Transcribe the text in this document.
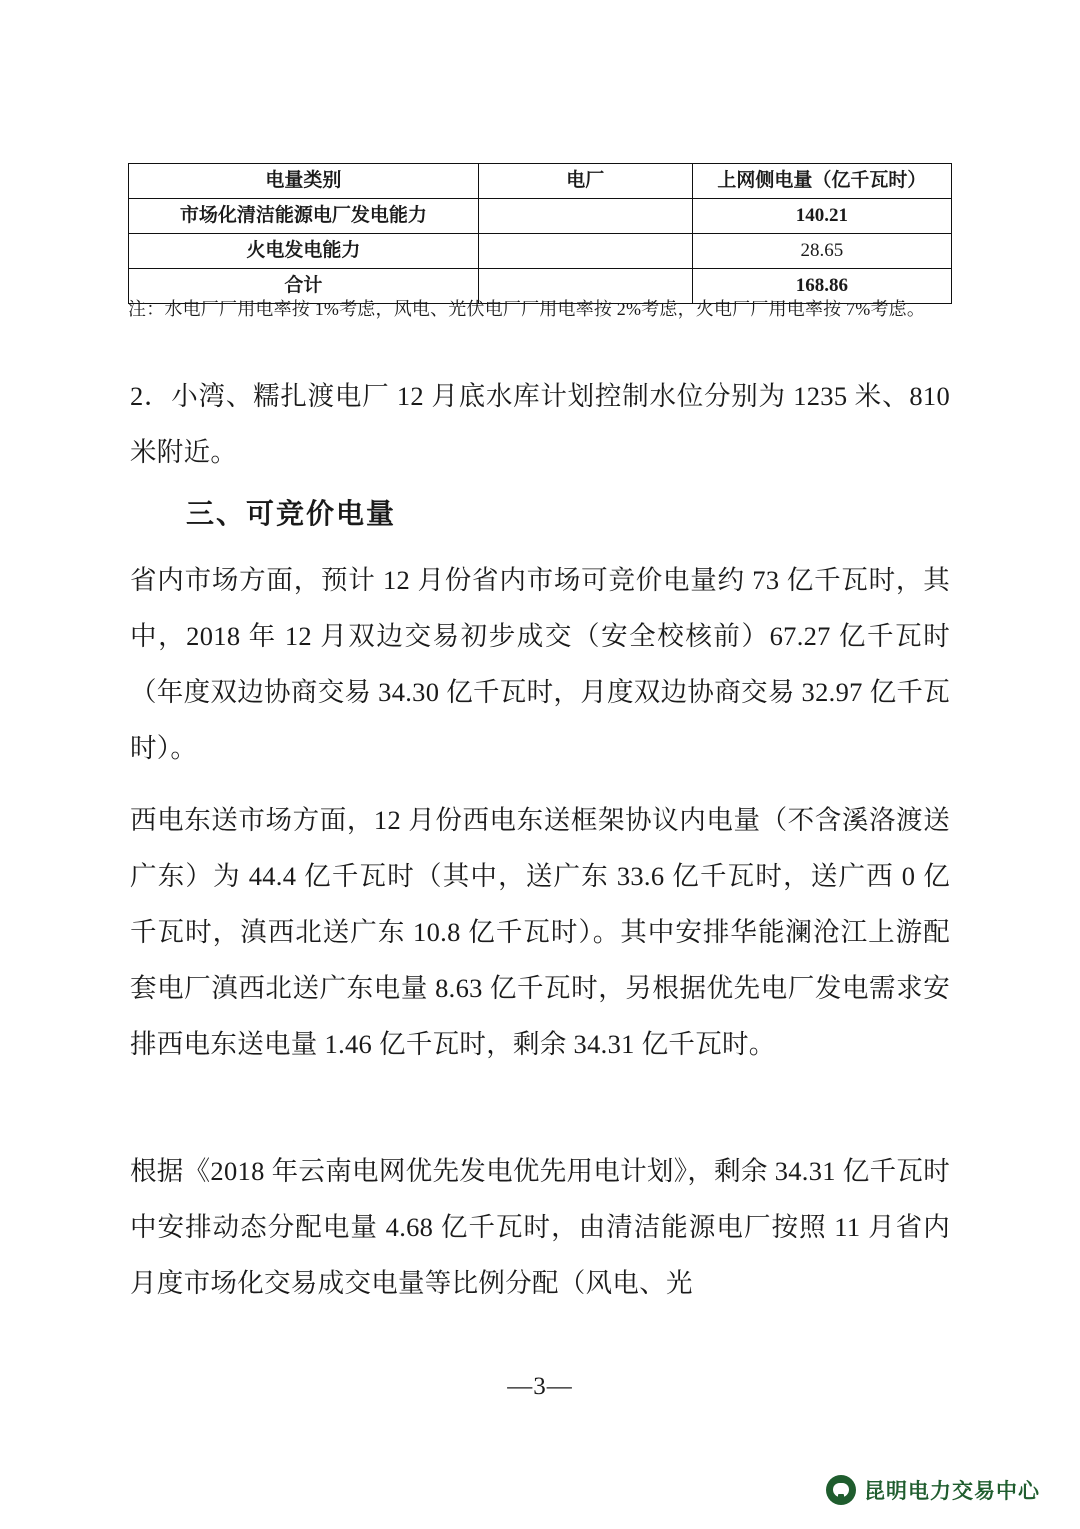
电量类别	电厂	上网侧电量（亿千瓦时）
市场化清洁能源电厂发电能力		140.21
火电发电能力		28.65
合计		168.86
注：水电厂厂用电率按 1%考虑，风电、光伏电厂厂用电率按 2%考虑，火电厂厂用电率按 7%考虑。
2．小湾、糯扎渡电厂 12 月底水库计划控制水位分别为 1235 米、810 米附近。
三、可竞价电量
省内市场方面，预计 12 月份省内市场可竞价电量约 73 亿千瓦时，其中，2018 年 12 月双边交易初步成交（安全校核前）67.27 亿千瓦时（年度双边协商交易 34.30 亿千瓦时，月度双边协商交易 32.97 亿千瓦时）。
西电东送市场方面，12 月份西电东送框架协议内电量（不含溪洛渡送广东）为 44.4 亿千瓦时（其中，送广东 33.6 亿千瓦时，送广西 0 亿千瓦时，滇西北送广东 10.8 亿千瓦时）。其中安排华能澜沧江上游配套电厂滇西北送广东电量 8.63 亿千瓦时，另根据优先电厂发电需求安排西电东送电量 1.46 亿千瓦时，剩余 34.31 亿千瓦时。
根据《2018 年云南电网优先发电优先用电计划》，剩余 34.31 亿千瓦时中安排动态分配电量 4.68 亿千瓦时，由清洁能源电厂按照 11 月省内月度市场化交易成交电量等比例分配（风电、光
—3—
昆明电力交易中心
